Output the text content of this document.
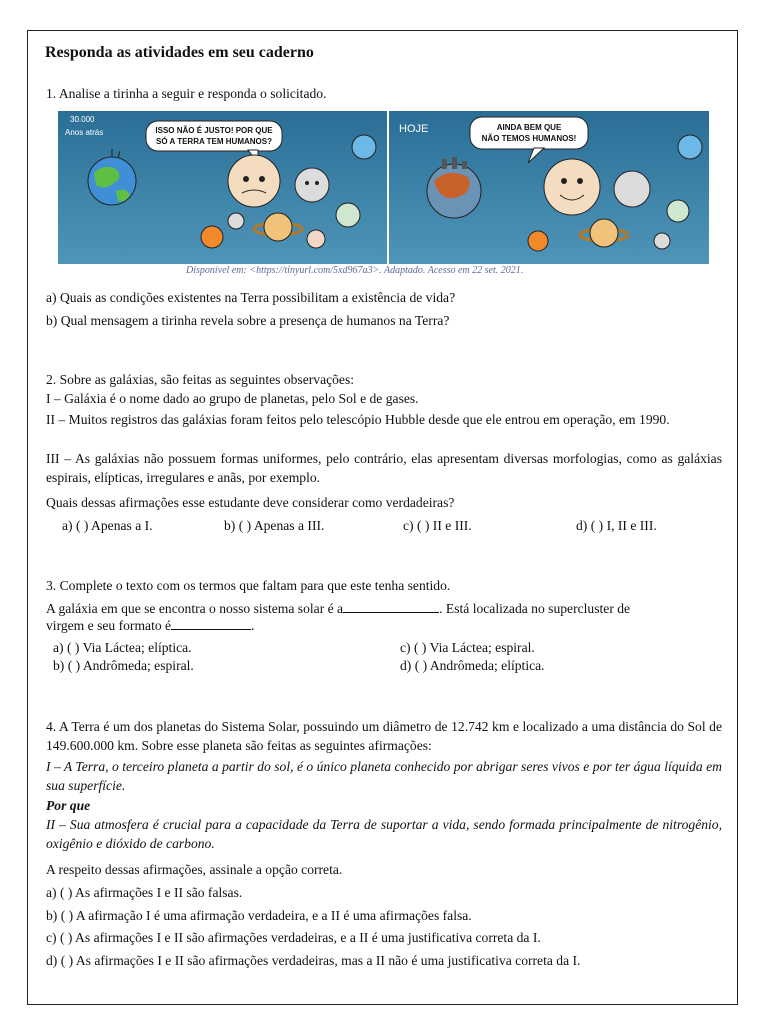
Responda as atividades em seu caderno
1. Analise a tirinha a seguir e responda o solicitado.
30.000
Anos atrás	ISSO NÃO É JUSTO! POR QUE
SÓ A TERRA TEM HUMANOS?
HOJE	AINDA BEM QUE
NÃO TEMOS HUMANOS!
Disponível em: <https://tinyurl.com/5xd967a3>. Adaptado. Acesso em 22 set. 2021.
a) Quais as condições existentes na Terra possibilitam a existência de vida?
b) Qual mensagem a tirinha revela sobre a presença de humanos na Terra?
2. Sobre as galáxias, são feitas as seguintes observações:
I – Galáxia é o nome dado ao grupo de planetas, pelo Sol e de gases.
II – Muitos registros das galáxias foram feitos pelo telescópio Hubble desde que ele entrou em operação, em 1990.
III – As galáxias não possuem formas uniformes, pelo contrário, elas apresentam diversas morfologias, como as galáxias espirais, elípticas, irregulares e anãs, por exemplo.
Quais dessas afirmações esse estudante deve considerar como verdadeiras?
a) ( ) Apenas a I.	b) ( ) Apenas a III.	c) ( ) II e III.	d) ( ) I, II e III.
3. Complete o texto com os termos que faltam para que este tenha sentido.
A galáxia em que se encontra o nosso sistema solar é a	. Está localizada no supercluster de
virgem e seu formato é	.
a) ( ) Via Láctea; elíptica.	c) ( ) Via Láctea; espiral.
b) ( ) Andrômeda; espiral.	d) ( ) Andrômeda; elíptica.
4. A Terra é um dos planetas do Sistema Solar, possuindo um diâmetro de 12.742 km e localizado a uma distância do Sol de 149.600.000 km. Sobre esse planeta são feitas as seguintes afirmações:
I – A Terra, o terceiro planeta a partir do sol, é o único planeta conhecido por abrigar seres vivos e por ter água líquida em sua superfície.
Por que
II – Sua atmosfera é crucial para a capacidade da Terra de suportar a vida, sendo formada principalmente de nitrogênio, oxigênio e dióxido de carbono.
A respeito dessas afirmações, assinale a opção correta.
a) ( ) As afirmações I e II são falsas.
b) ( ) A afirmação I é uma afirmação verdadeira, e a II é uma afirmações falsa.
c) ( ) As afirmações I e II são afirmações verdadeiras, e a II é uma justificativa correta da I.
d) ( ) As afirmações I e II são afirmações verdadeiras, mas a II não é uma justificativa correta da I.
